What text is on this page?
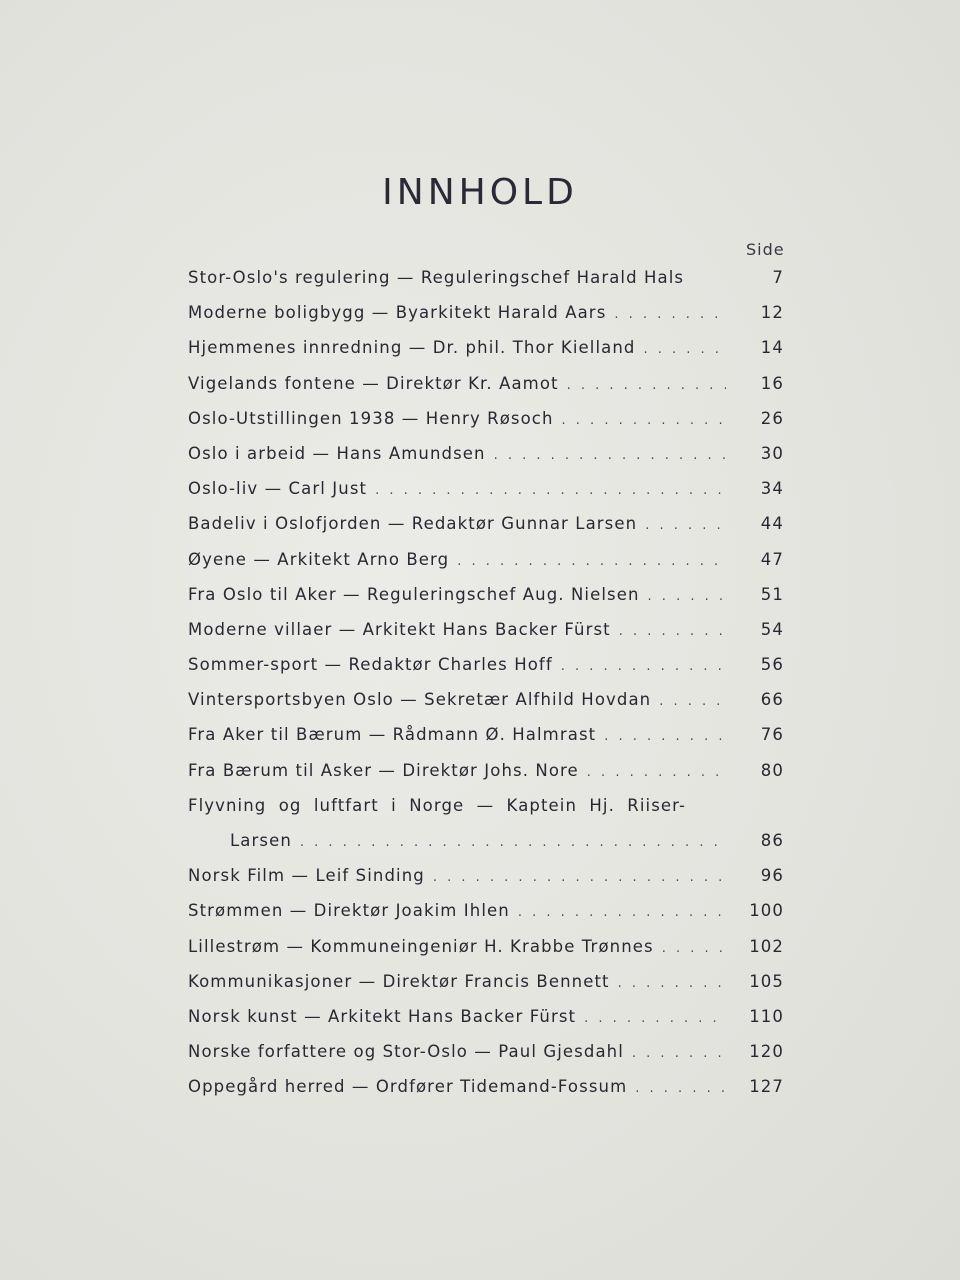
INNHOLD
Side
Stor-Oslo's regulering — Reguleringschef Harald Hals	7
Moderne boligbygg — Byarkitekt Harald Aars . . .	12
Hjemmenes innredning — Dr. phil. Thor Kielland . . .	14
Vigelands fontene — Direktør Kr. Aamot . . .	16
Oslo-Utstillingen 1938 — Henry Røsoch . . .	26
Oslo i arbeid — Hans Amundsen . . .	30
Oslo-liv — Carl Just . . .	34
Badeliv i Oslofjorden — Redaktør Gunnar Larsen . . .	44
Øyene — Arkitekt Arno Berg . . .	47
Fra Oslo til Aker — Reguleringschef Aug. Nielsen . . .	51
Moderne villaer — Arkitekt Hans Backer Fürst . . .	54
Sommer-sport — Redaktør Charles Hoff . . .	56
Vintersportsbyen Oslo — Sekretær Alfhild Hovdan . . .	66
Fra Aker til Bærum — Rådmann Ø. Halmrast . . .	76
Fra Bærum til Asker — Direktør Johs. Nore . . .	80
Flyvning og luftfart i Norge — Kaptein Hj. Riiser-
Larsen . . .	86
Norsk Film — Leif Sinding . . .	96
Strømmen — Direktør Joakim Ihlen . . .	100
Lillestrøm — Kommuneingeniør H. Krabbe Trønnes . . .	102
Kommunikasjoner — Direktør Francis Bennett . . .	105
Norsk kunst — Arkitekt Hans Backer Fürst . . .	110
Norske forfattere og Stor-Oslo — Paul Gjesdahl . . .	120
Oppegård herred — Ordfører Tidemand-Fossum . . .	127
